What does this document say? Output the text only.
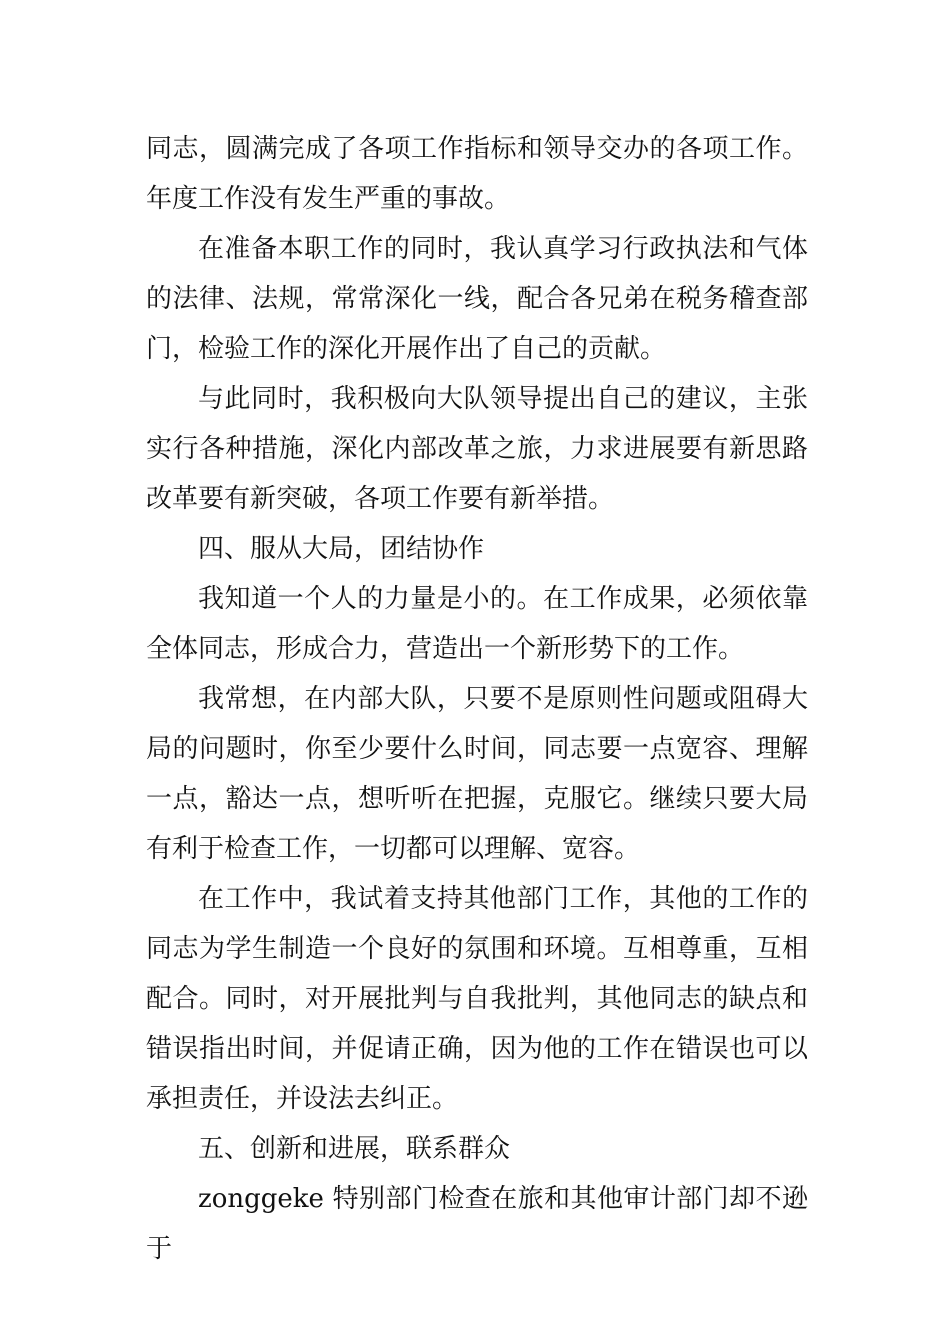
同志，圆满完成了各项工作指标和领导交办的各项工作。年度工作没有发生严重的事故。

在准备本职工作的同时，我认真学习行政执法和气体的法律、法规，常常深化一线，配合各兄弟在税务稽查部门，检验工作的深化开展作出了自己的贡献。

与此同时，我积极向大队领导提出自己的建议，主张实行各种措施，深化内部改革之旅，力求进展要有新思路改革要有新突破，各项工作要有新举措。

四、服从大局，团结协作

我知道一个人的力量是小的。在工作成果，必须依靠全体同志，形成合力，营造出一个新形势下的工作。

我常想，在内部大队，只要不是原则性问题或阻碍大局的问题时，你至少要什么时间，同志要一点宽容、理解一点，豁达一点，想听听在把握，克服它。继续只要大局有利于检查工作，一切都可以理解、宽容。

在工作中，我试着支持其他部门工作，其他的工作的同志为学生制造一个良好的氛围和环境。互相尊重，互相配合。同时，对开展批判与自我批判，其他同志的缺点和错误指出时间，并促请正确，因为他的工作在错误也可以承担责任，并设法去纠正。

五、创新和进展，联系群众

zonggeke 特别部门检查在旅和其他审计部门却不逊于
